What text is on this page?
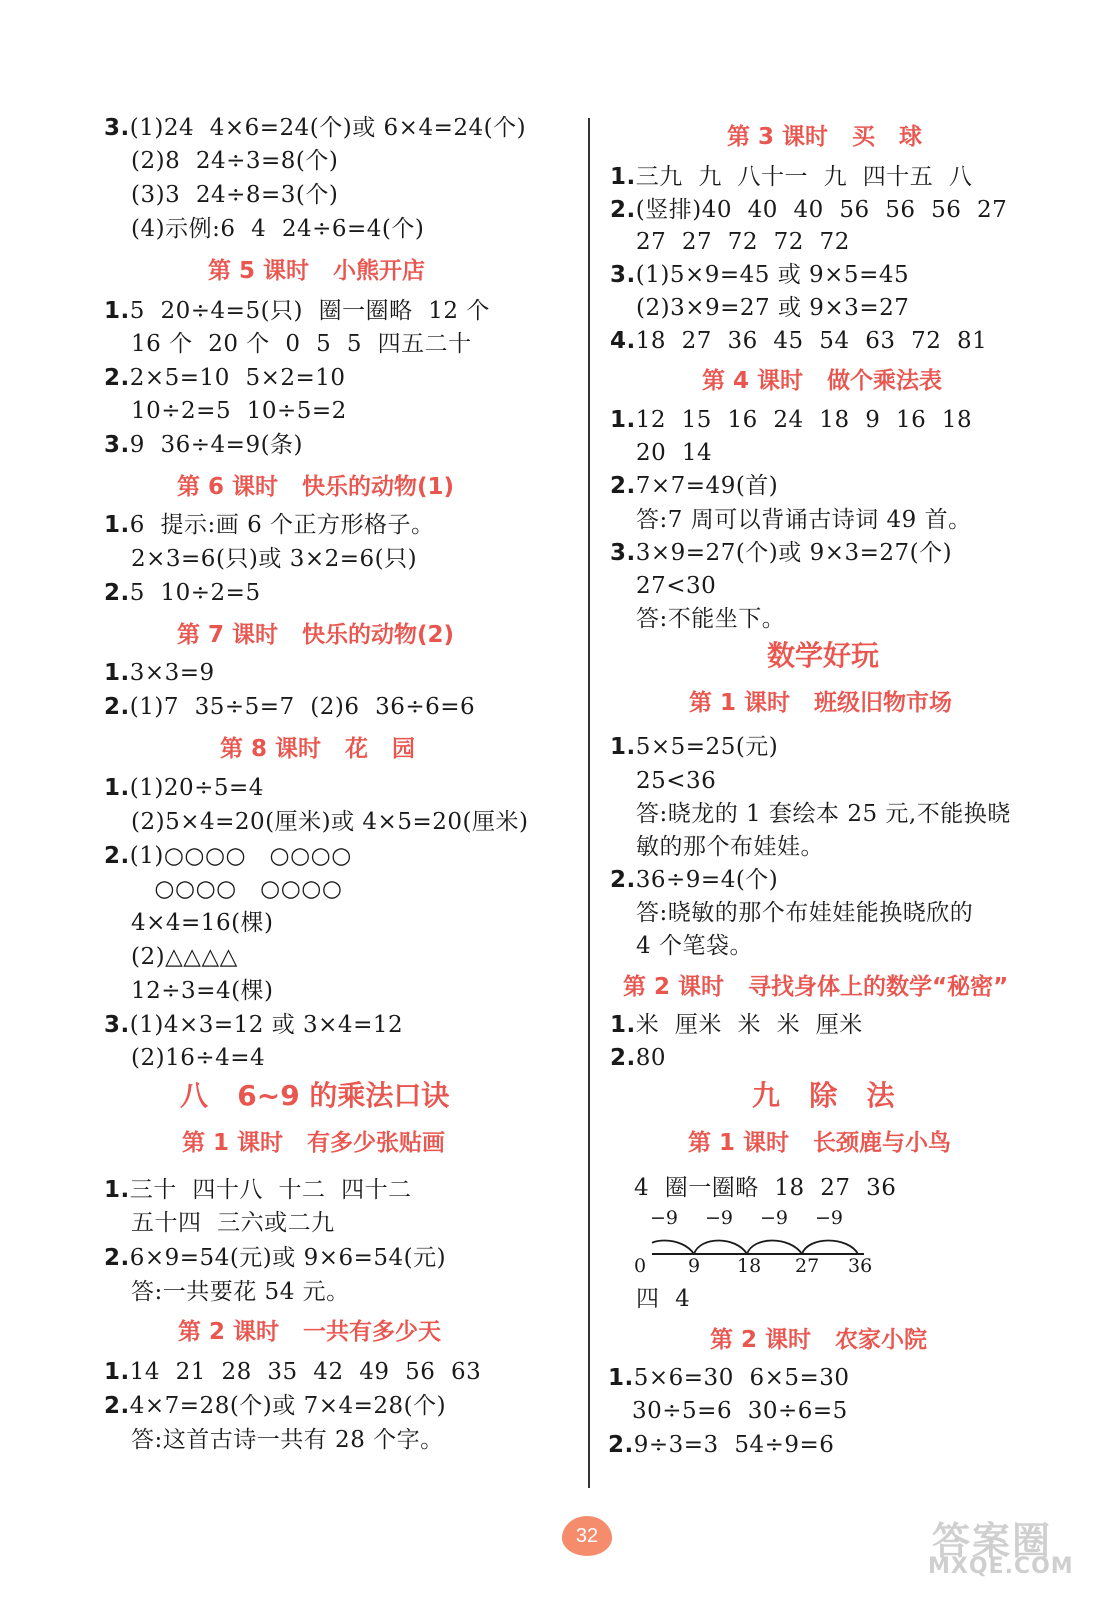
3.(1)24  4×6=24(个)或 6×4=24(个)
(2)8  24÷3=8(个)
(3)3  24÷8=3(个)
(4)示例:6  4  24÷6=4(个)
第 5 课时   小熊开店
1.5  20÷4=5(只)  圈一圈略  12 个
16 个  20 个  0  5  5  四五二十
2.2×5=10  5×2=10
10÷2=5  10÷5=2
3.9  36÷4=9(条)
第 6 课时   快乐的动物(1)
1.6  提示:画 6 个正方形格子。
2×3=6(只)或 3×2=6(只)
2.5  10÷2=5
第 7 课时   快乐的动物(2)
1.3×3=9
2.(1)7  35÷5=7  (2)6  36÷6=6
第 8 课时   花   园
1.(1)20÷5=4
(2)5×4=20(厘米)或 4×5=20(厘米)
2.(1)○○○○   ○○○○
○○○○   ○○○○
4×4=16(棵)
(2)△△△△
12÷3=4(棵)
3.(1)4×3=12 或 3×4=12
(2)16÷4=4
八   6~9 的乘法口诀
第 1 课时   有多少张贴画
1.三十  四十八  十二  四十二
五十四  三六或二九
2.6×9=54(元)或 9×6=54(元)
答:一共要花 54 元。
第 2 课时   一共有多少天
1.14  21  28  35  42  49  56  63
2.4×7=28(个)或 7×4=28(个)
答:这首古诗一共有 28 个字。
第 3 课时   买   球
1.三九  九  八十一  九  四十五  八
2.(竖排)40  40  40  56  56  56  27
27  27  72  72  72
3.(1)5×9=45 或 9×5=45
(2)3×9=27 或 9×3=27
4.18  27  36  45  54  63  72  81
第 4 课时   做个乘法表
1.12  15  16  24  18  9  16  18
20  14
2.7×7=49(首)
答:7 周可以背诵古诗词 49 首。
3.3×9=27(个)或 9×3=27(个)
27<30
答:不能坐下。
数学好玩
第 1 课时   班级旧物市场
1.5×5=25(元)
25<36
答:晓龙的 1 套绘本 25 元,不能换晓
敏的那个布娃娃。
2.36÷9=4(个)
答:晓敏的那个布娃娃能换晓欣的
4 个笔袋。
第 2 课时   寻找身体上的数学“秘密”
1.米  厘米  米  米  厘米
2.80
九   除   法
第 1 课时   长颈鹿与小鸟
4  圈一圈略  18  27  36
−9 −9 −9 −9
0 9 18 27 36
四  4
第 2 课时   农家小院
1.5×6=30  6×5=30
30÷5=6  30÷6=5
2.9÷3=3  54÷9=6
32	答案圈
MXQE.COM
